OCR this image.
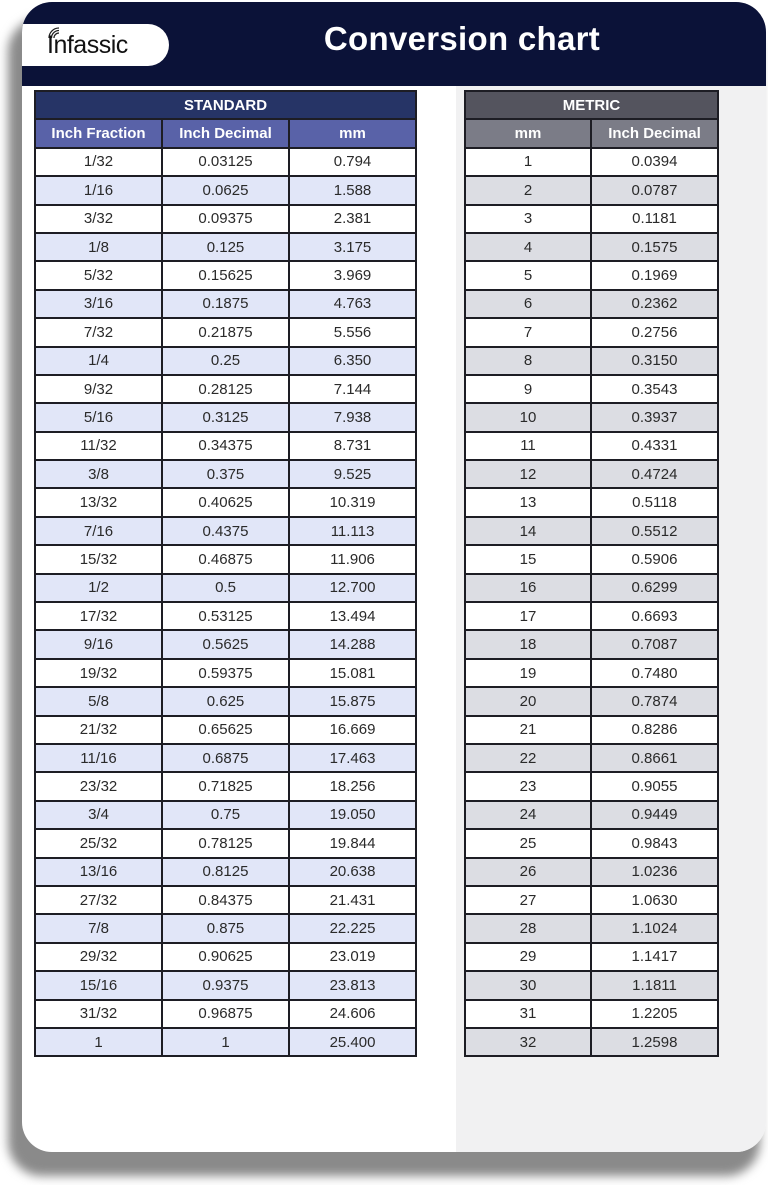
Infassic	Conversion chart
STANDARD		
Inch Fraction	Inch Decimal	mm
1/32	0.03125	0.794
1/16	0.0625	1.588
3/32	0.09375	2.381
1/8	0.125	3.175
5/32	0.15625	3.969
3/16	0.1875	4.763
7/32	0.21875	5.556
1/4	0.25	6.350
9/32	0.28125	7.144
5/16	0.3125	7.938
11/32	0.34375	8.731
3/8	0.375	9.525
13/32	0.40625	10.319
7/16	0.4375	11.113
15/32	0.46875	11.906
1/2	0.5	12.700
17/32	0.53125	13.494
9/16	0.5625	14.288
19/32	0.59375	15.081
5/8	0.625	15.875
21/32	0.65625	16.669
11/16	0.6875	17.463
23/32	0.71825	18.256
3/4	0.75	19.050
25/32	0.78125	19.844
13/16	0.8125	20.638
27/32	0.84375	21.431
7/8	0.875	22.225
29/32	0.90625	23.019
15/16	0.9375	23.813
31/32	0.96875	24.606
1	1	25.400
METRIC	
mm	Inch Decimal
1	0.0394
2	0.0787
3	0.1181
4	0.1575
5	0.1969
6	0.2362
7	0.2756
8	0.3150
9	0.3543
10	0.3937
11	0.4331
12	0.4724
13	0.5118
14	0.5512
15	0.5906
16	0.6299
17	0.6693
18	0.7087
19	0.7480
20	0.7874
21	0.8286
22	0.8661
23	0.9055
24	0.9449
25	0.9843
26	1.0236
27	1.0630
28	1.1024
29	1.1417
30	1.1811
31	1.2205
32	1.2598
